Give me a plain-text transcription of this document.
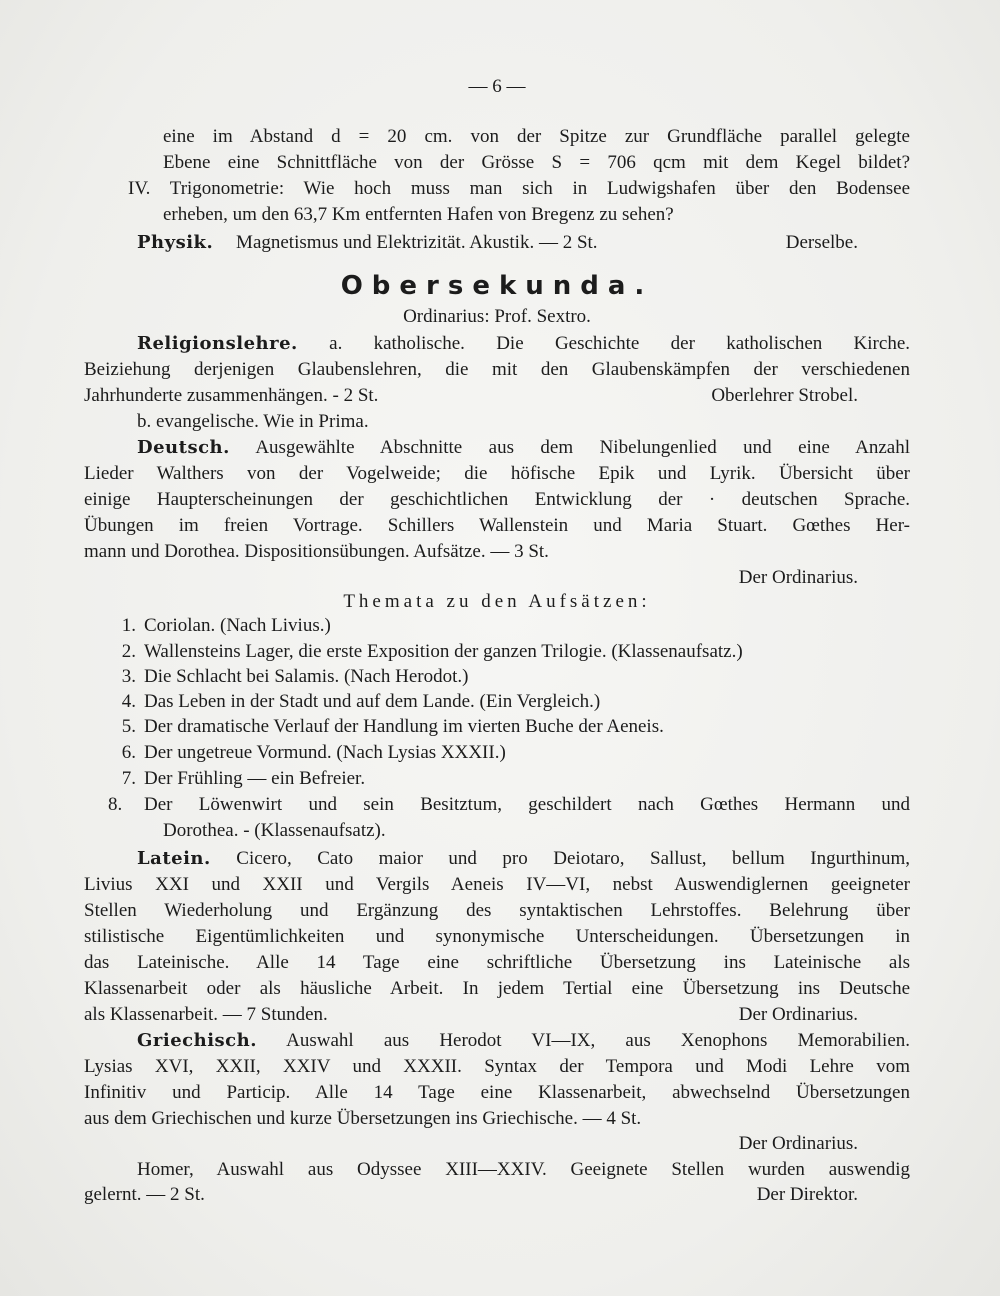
— 6 —
eine im Abstand d = 20 cm. von der Spitze zur Grundfläche parallel gelegte
Ebene eine Schnittfläche von der Grösse S = 706 qcm mit dem Kegel bildet?
IV. Trigonometrie: Wie hoch muss man sich in Ludwigshafen über den Bodensee
erheben, um den 63,7 Km entfernten Hafen von Bregenz zu sehen?
Physik. Magnetismus und Elektrizität. Akustik. — 2 St.	Derselbe.
Obersekunda.
Ordinarius: Prof. Sextro.
Religionslehre. a. katholische. Die Geschichte der katholischen Kirche.
Beiziehung derjenigen Glaubenslehren, die mit den Glaubenskämpfen der verschiedenen
Jahrhunderte zusammenhängen. - 2 St.	Oberlehrer Strobel.
b. evangelische. Wie in Prima.
Deutsch. Ausgewählte Abschnitte aus dem Nibelungenlied und eine Anzahl
Lieder Walthers von der Vogelweide; die höfische Epik und Lyrik. Übersicht über
einige Haupterscheinungen der geschichtlichen Entwicklung der · deutschen Sprache.
Übungen im freien Vortrage. Schillers Wallenstein und Maria Stuart. Gœthes Her-
mann und Dorothea. Dispositionsübungen. Aufsätze. — 3 St.
Der Ordinarius.
Themata zu den Aufsätzen:
1. Coriolan. (Nach Livius.)
2. Wallensteins Lager, die erste Exposition der ganzen Trilogie. (Klassenaufsatz.)
3. Die Schlacht bei Salamis. (Nach Herodot.)
4. Das Leben in der Stadt und auf dem Lande. (Ein Vergleich.)
5. Der dramatische Verlauf der Handlung im vierten Buche der Aeneis.
6. Der ungetreue Vormund. (Nach Lysias XXXII.)
7. Der Frühling — ein Befreier.
8. Der Löwenwirt und sein Besitztum, geschildert nach Gœthes Hermann und
Dorothea. - (Klassenaufsatz).
Latein. Cicero, Cato maior und pro Deiotaro, Sallust, bellum Ingurthinum,
Livius XXI und XXII und Vergils Aeneis IV—VI, nebst Auswendiglernen geeigneter
Stellen Wiederholung und Ergänzung des syntaktischen Lehrstoffes. Belehrung über
stilistische Eigentümlichkeiten und synonymische Unterscheidungen. Übersetzungen in
das Lateinische. Alle 14 Tage eine schriftliche Übersetzung ins Lateinische als
Klassenarbeit oder als häusliche Arbeit. In jedem Tertial eine Übersetzung ins Deutsche
als Klassenarbeit. — 7 Stunden.	Der Ordinarius.
Griechisch. Auswahl aus Herodot VI—IX, aus Xenophons Memorabilien.
Lysias XVI, XXII, XXIV und XXXII. Syntax der Tempora und Modi Lehre vom
Infinitiv und Particip. Alle 14 Tage eine Klassenarbeit, abwechselnd Übersetzungen
aus dem Griechischen und kurze Übersetzungen ins Griechische. — 4 St.
Der Ordinarius.
Homer, Auswahl aus Odyssee XIII—XXIV. Geeignete Stellen wurden auswendig
gelernt. — 2 St.	Der Direktor.
